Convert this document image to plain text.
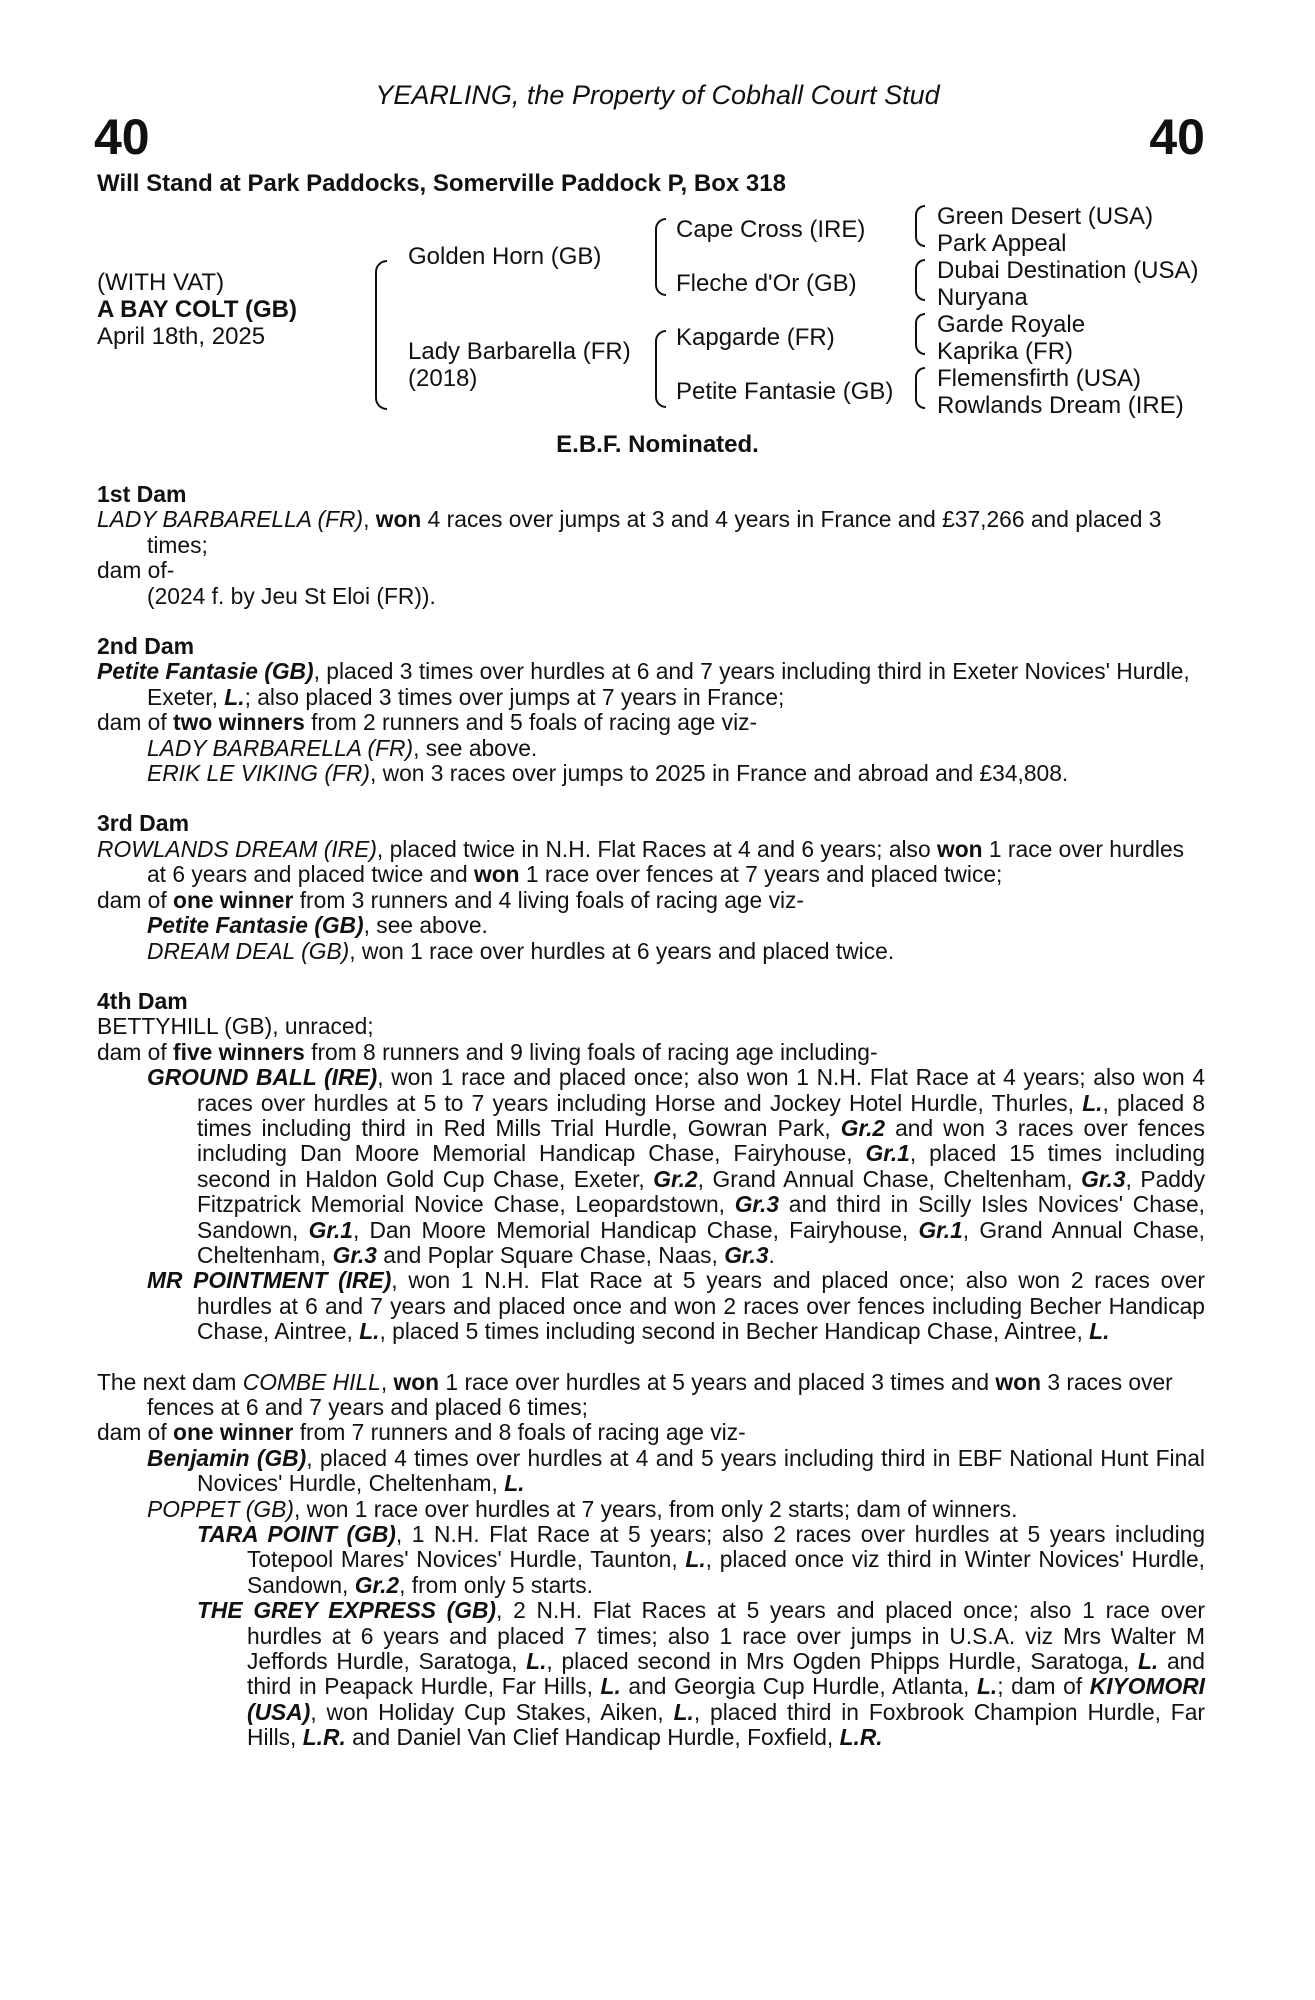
YEARLING, the Property of Cobhall Court Stud
40	40
Will Stand at Park Paddocks, Somerville Paddock P, Box 318
(WITH VAT)
A BAY COLT (GB)
April 18th, 2025
Golden Horn (GB)
Lady Barbarella (FR)
(2018)
Cape Cross (IRE)
Fleche d'Or (GB)
Kapgarde (FR)
Petite Fantasie (GB)
Green Desert (USA)
Park Appeal
Dubai Destination (USA)
Nuryana
Garde Royale
Kaprika (FR)
Flemensfirth (USA)
Rowlands Dream (IRE)
E.B.F. Nominated.

1st Dam

LADY BARBARELLA (FR), won 4 races over jumps at 3 and 4 years in France and £37,266 and placed 3 times;

dam of-

(2024 f. by Jeu St Eloi (FR)).

2nd Dam

Petite Fantasie (GB), placed 3 times over hurdles at 6 and 7 years including third in Exeter Novices' Hurdle, Exeter, L.; also placed 3 times over jumps at 7 years in France;

dam of two winners from 2 runners and 5 foals of racing age viz-

LADY BARBARELLA (FR), see above.

ERIK LE VIKING (FR), won 3 races over jumps to 2025 in France and abroad and £34,808.

3rd Dam

ROWLANDS DREAM (IRE), placed twice in N.H. Flat Races at 4 and 6 years; also won 1 race over hurdles at 6 years and placed twice and won 1 race over fences at 7 years and placed twice;

dam of one winner from 3 runners and 4 living foals of racing age viz-

Petite Fantasie (GB), see above.

DREAM DEAL (GB), won 1 race over hurdles at 6 years and placed twice.

4th Dam

BETTYHILL (GB), unraced;

dam of five winners from 8 runners and 9 living foals of racing age including-

GROUND BALL (IRE), won 1 race and placed once; also won 1 N.H. Flat Race at 4 years; also won 4 races over hurdles at 5 to 7 years including Horse and Jockey Hotel Hurdle, Thurles, L., placed 8 times including third in Red Mills Trial Hurdle, Gowran Park, Gr.2 and won 3 races over fences including Dan Moore Memorial Handicap Chase, Fairyhouse, Gr.1, placed 15 times including second in Haldon Gold Cup Chase, Exeter, Gr.2, Grand Annual Chase, Cheltenham, Gr.3, Paddy Fitzpatrick Memorial Novice Chase, Leopardstown, Gr.3 and third in Scilly Isles Novices' Chase, Sandown, Gr.1, Dan Moore Memorial Handicap Chase, Fairyhouse, Gr.1, Grand Annual Chase, Cheltenham, Gr.3 and Poplar Square Chase, Naas, Gr.3.

MR POINTMENT (IRE), won 1 N.H. Flat Race at 5 years and placed once; also won 2 races over hurdles at 6 and 7 years and placed once and won 2 races over fences including Becher Handicap Chase, Aintree, L., placed 5 times including second in Becher Handicap Chase, Aintree, L.

The next dam COMBE HILL, won 1 race over hurdles at 5 years and placed 3 times and won 3 races over fences at 6 and 7 years and placed 6 times;

dam of one winner from 7 runners and 8 foals of racing age viz-

Benjamin (GB), placed 4 times over hurdles at 4 and 5 years including third in EBF National Hunt Final Novices' Hurdle, Cheltenham, L.

POPPET (GB), won 1 race over hurdles at 7 years, from only 2 starts; dam of winners.

TARA POINT (GB), 1 N.H. Flat Race at 5 years; also 2 races over hurdles at 5 years including Totepool Mares' Novices' Hurdle, Taunton, L., placed once viz third in Winter Novices' Hurdle, Sandown, Gr.2, from only 5 starts.

THE GREY EXPRESS (GB), 2 N.H. Flat Races at 5 years and placed once; also 1 race over hurdles at 6 years and placed 7 times; also 1 race over jumps in U.S.A. viz Mrs Walter M Jeffords Hurdle, Saratoga, L., placed second in Mrs Ogden Phipps Hurdle, Saratoga, L. and third in Peapack Hurdle, Far Hills, L. and Georgia Cup Hurdle, Atlanta, L.; dam of KIYOMORI (USA), won Holiday Cup Stakes, Aiken, L., placed third in Foxbrook Champion Hurdle, Far Hills, L.R. and Daniel Van Clief Handicap Hurdle, Foxfield, L.R.
